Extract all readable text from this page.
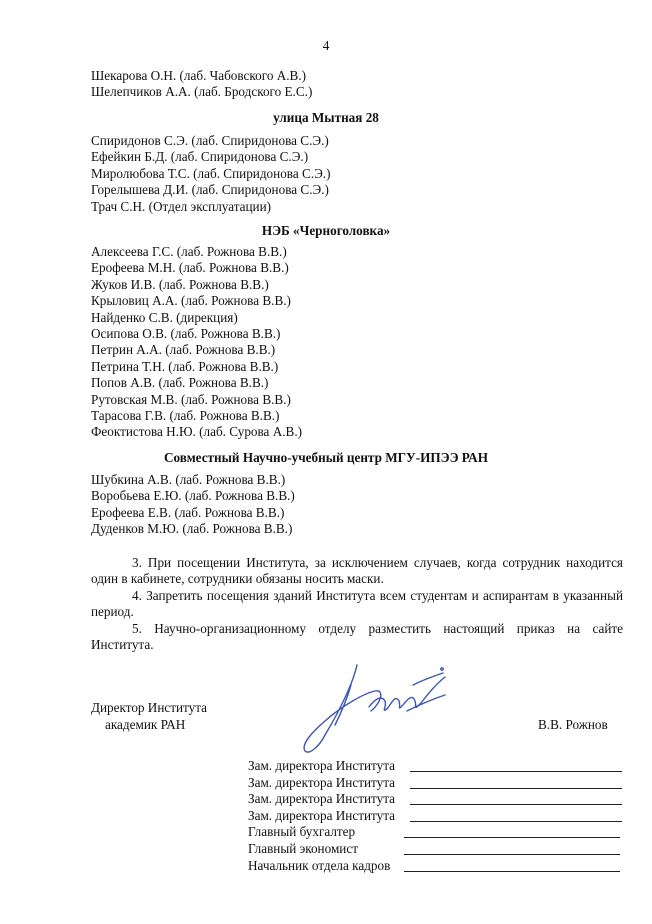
4
Шекарова О.Н. (лаб. Чабовского А.В.)
Шелепчиков А.А. (лаб. Бродского Е.С.)
улица Мытная 28
Спиридонов С.Э. (лаб. Спиридонова С.Э.)
Ефейкин Б.Д. (лаб. Спиридонова С.Э.)
Миролюбова Т.С. (лаб. Спиридонова С.Э.)
Горелышева Д.И. (лаб. Спиридонова С.Э.)
Трач С.Н. (Отдел эксплуатации)
НЭБ «Черноголовка»
Алексеева Г.С. (лаб. Рожнова В.В.)
Ерофеева М.Н. (лаб. Рожнова В.В.)
Жуков И.В. (лаб. Рожнова В.В.)
Крыловиц А.А. (лаб. Рожнова В.В.)
Найденко С.В. (дирекция)
Осипова О.В. (лаб. Рожнова В.В.)
Петрин А.А. (лаб. Рожнова В.В.)
Петрина Т.Н. (лаб. Рожнова В.В.)
Попов А.В. (лаб. Рожнова В.В.)
Рутовская М.В. (лаб. Рожнова В.В.)
Тарасова Г.В. (лаб. Рожнова В.В.)
Феоктистова Н.Ю. (лаб. Сурова А.В.)
Совместный Научно-учебный центр МГУ-ИПЭЭ РАН
Шубкина А.В. (лаб. Рожнова В.В.)
Воробьева Е.Ю. (лаб. Рожнова В.В.)
Ерофеева Е.В. (лаб. Рожнова В.В.)
Дуденков М.Ю. (лаб. Рожнова В.В.)

3. При посещении Института, за исключением случаев, когда сотрудник находится один в кабинете, сотрудники обязаны носить маски.

4. Запретить посещения зданий Института всем студентам и аспирантам в указанный период.

5. Научно-организационному отделу разместить настоящий приказ на сайте Института.

Директор Института
академик РАН	В.В. Рожнов
Зам. директора Института
Зам. директора Института
Зам. директора Института
Зам. директора Института
Главный бухгалтер
Главный экономист
Начальник отдела кадров
